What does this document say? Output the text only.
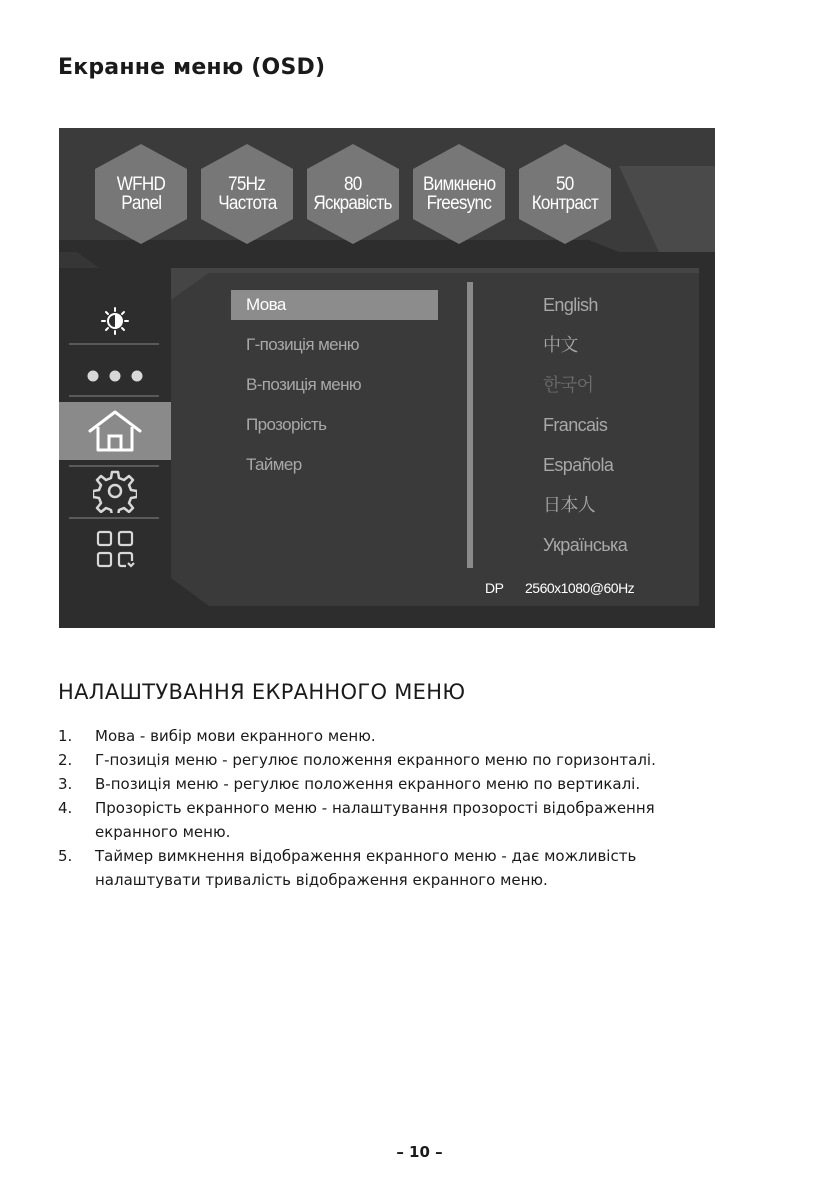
Екранне меню (OSD)
WFHD
Panel
75Hz
Частота
80
Яскравість
Вимкнено
Freesync
50
Контраст
Мова
Г-позиція меню
В-позиція меню
Прозорість
Таймер
English
中文
한국어
Francais
Española
日本人
Українська
DP 2560x1080@60Hz
НАЛАШТУВАННЯ ЕКРАННОГО МЕНЮ
1. Мова - вибір мови екранного меню.
2. Г-позиція меню - регулює положення екранного меню по горизонталі.
3. В-позиція меню - регулює положення екранного меню по вертикалі.
4. Прозорість екранного меню - налаштування прозорості відображення екранного меню.
5. Таймер вимкнення відображення екранного меню - дає можливість налаштувати тривалість відображення екранного меню.
– 10 –
